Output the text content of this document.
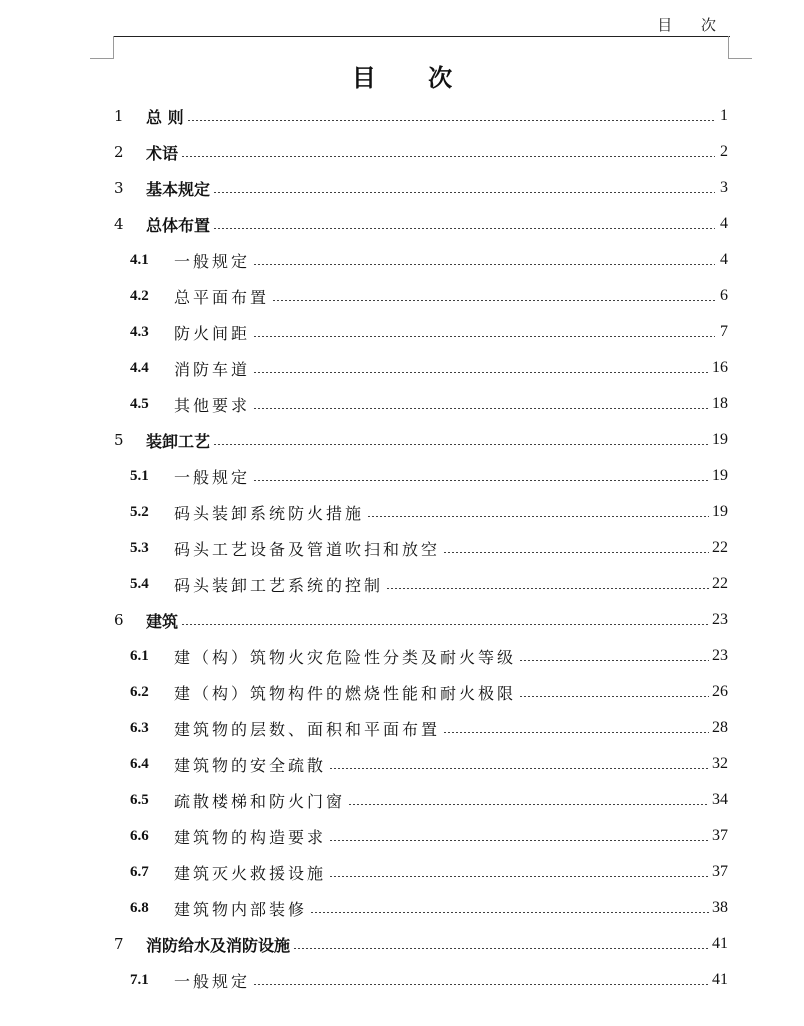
目 次
目 次
1	总 则	1
2	术语	2
3	基本规定	3
4	总体布置	4
4.1	一般规定	4
4.2	总平面布置	6
4.3	防火间距	7
4.4	消防车道	16
4.5	其他要求	18
5	装卸工艺	19
5.1	一般规定	19
5.2	码头装卸系统防火措施	19
5.3	码头工艺设备及管道吹扫和放空	22
5.4	码头装卸工艺系统的控制	22
6	建筑	23
6.1	建（构）筑物火灾危险性分类及耐火等级	23
6.2	建（构）筑物构件的燃烧性能和耐火极限	26
6.3	建筑物的层数、面积和平面布置	28
6.4	建筑物的安全疏散	32
6.5	疏散楼梯和防火门窗	34
6.6	建筑物的构造要求	37
6.7	建筑灭火救援设施	37
6.8	建筑物内部装修	38
7	消防给水及消防设施	41
7.1	一般规定	41
